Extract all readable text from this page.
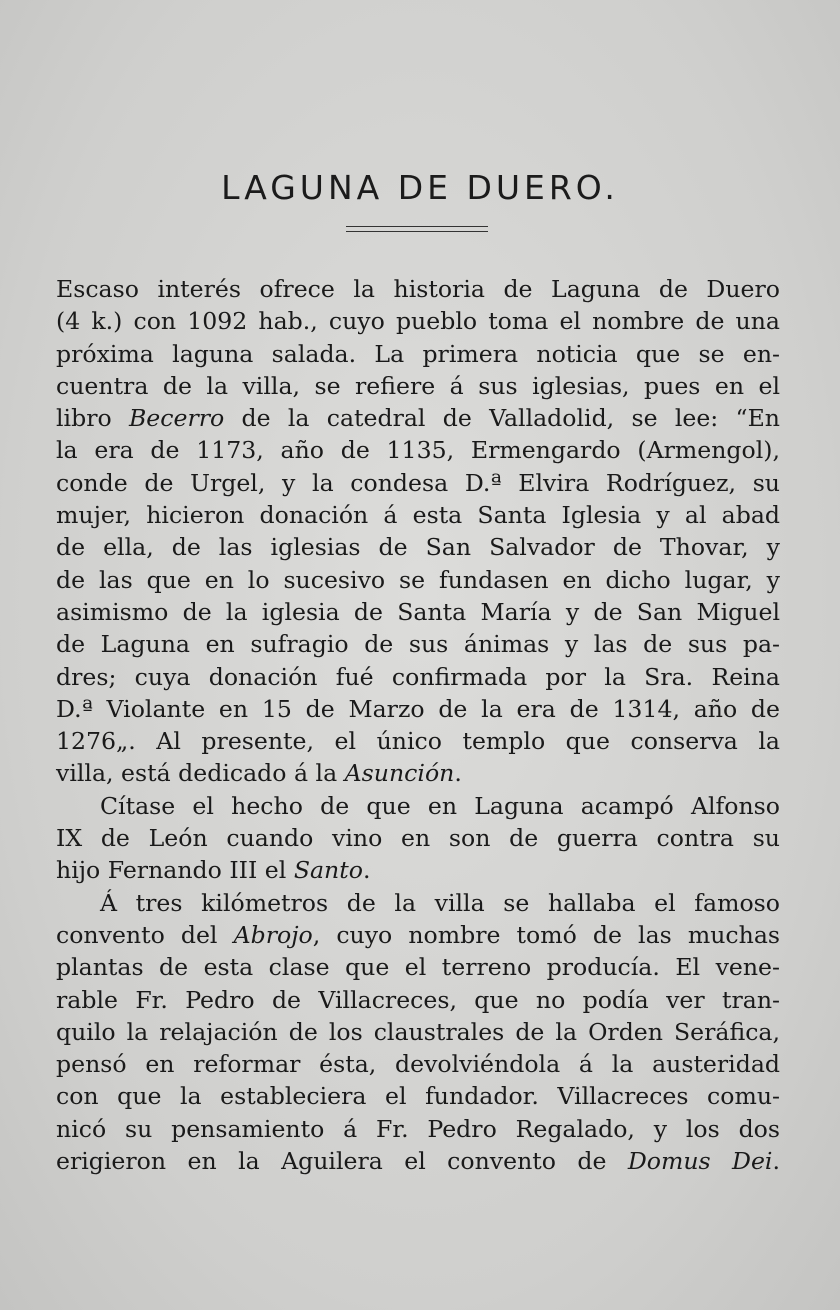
LAGUNA DE DUERO.
Escaso interés ofrece la historia de Laguna de Duero
(4 k.) con 1092 hab., cuyo pueblo toma el nombre de una
próxima laguna salada. La primera noticia que se en-
cuentra de la villa, se refiere á sus iglesias, pues en el
libro Becerro de la catedral de Valladolid, se lee: “En
la era de 1173, año de 1135, Ermengardo (Armengol),
conde de Urgel, y la condesa D.ª Elvira Rodríguez, su
mujer, hicieron donación á esta Santa Iglesia y al abad
de ella, de las iglesias de San Salvador de Thovar, y
de las que en lo sucesivo se fundasen en dicho lugar, y
asimismo de la iglesia de Santa María y de San Miguel
de Laguna en sufragio de sus ánimas y las de sus pa-
dres; cuya donación fué confirmada por la Sra. Reina
D.ª Violante en 15 de Marzo de la era de 1314, año de
1276„. Al presente, el único templo que conserva la
villa, está dedicado á la Asunción.
Cítase el hecho de que en Laguna acampó Alfonso
IX de León cuando vino en son de guerra contra su
hijo Fernando III el Santo.
Á tres kilómetros de la villa se hallaba el famoso
convento del Abrojo, cuyo nombre tomó de las muchas
plantas de esta clase que el terreno producía. El vene-
rable Fr. Pedro de Villacreces, que no podía ver tran-
quilo la relajación de los claustrales de la Orden Seráfica,
pensó en reformar ésta, devolviéndola á la austeridad
con que la estableciera el fundador. Villacreces comu-
nicó su pensamiento á Fr. Pedro Regalado, y los dos
erigieron en la Aguilera el convento de Domus Dei.
